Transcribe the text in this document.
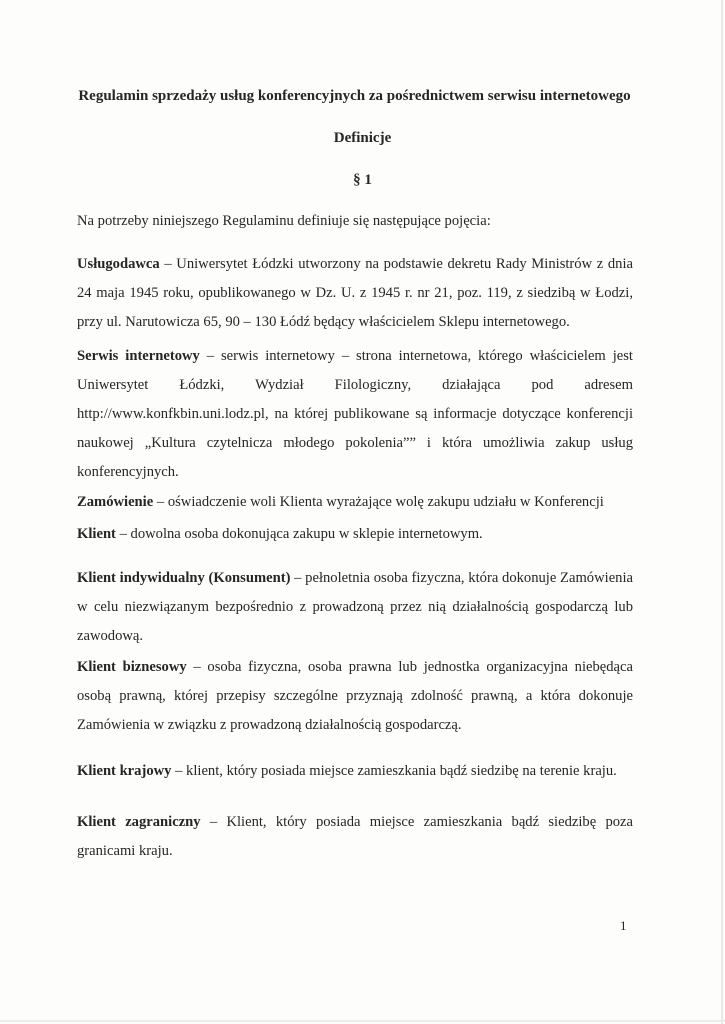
Regulamin sprzedaży usług konferencyjnych za pośrednictwem serwisu internetowego
Definicje
§ 1
Na potrzeby niniejszego Regulaminu definiuje się następujące pojęcia:
Usługodawca – Uniwersytet Łódzki utworzony na podstawie dekretu Rady Ministrów z dnia 24 maja 1945 roku, opublikowanego w Dz. U. z 1945 r. nr 21, poz. 119, z siedzibą w Łodzi, przy ul. Narutowicza 65, 90 – 130 Łódź będący właścicielem Sklepu internetowego.
Serwis internetowy – serwis internetowy – strona internetowa, którego właścicielem jest Uniwersytet Łódzki, Wydział Filologiczny, działająca pod adresem http://www.konfkbin.uni.lodz.pl, na której publikowane są informacje dotyczące konferencji naukowej „Kultura czytelnicza młodego pokolenia”” i która umożliwia zakup usług konferencyjnych.
Zamówienie – oświadczenie woli Klienta wyrażające wolę zakupu udziału w Konferencji
Klient – dowolna osoba dokonująca zakupu w sklepie internetowym.
Klient indywidualny (Konsument) – pełnoletnia osoba fizyczna, która dokonuje Zamówienia w celu niezwiązanym bezpośrednio z prowadzoną przez nią działalnością gospodarczą lub zawodową.
Klient biznesowy – osoba fizyczna, osoba prawna lub jednostka organizacyjna niebędąca osobą prawną, której przepisy szczególne przyznają zdolność prawną, a która dokonuje Zamówienia w związku z prowadzoną działalnością gospodarczą.
Klient krajowy – klient, który posiada miejsce zamieszkania bądź siedzibę na terenie kraju.
Klient zagraniczny – Klient, który posiada miejsce zamieszkania bądź siedzibę poza granicami kraju.
1
